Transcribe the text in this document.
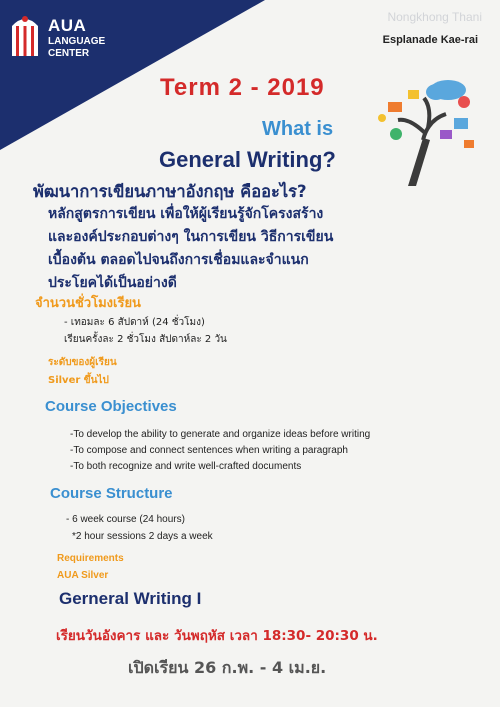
AUA
LANGUAGE
CENTER
Nongkhong Thani
Esplanade Kae-rai
Term 2 - 2019
What is
General Writing?
พัฒนาการเขียนภาษาอังกฤษ คืออะไร?
หลักสูตรการเขียน เพื่อให้ผู้เรียนรู้จักโครงสร้าง
และองค์ประกอบต่างๆ ในการเขียน วิธีการเขียน
เบื้องต้น ตลอดไปจนถึงการเชื่อมและจำแนก
ประโยคได้เป็นอย่างดี
จำนวนชั่วโมงเรียน
- เทอมละ 6 สัปดาห์ (24 ชั่วโมง)
เรียนครั้งละ 2 ชั่วโมง สัปดาห์ละ 2 วัน
ระดับของผู้เรียน
Silver ขึ้นไป
Course Objectives
-To develop the ability to generate and organize ideas before writing
-To compose and connect sentences when writing a paragraph
-To both recognize and write well-crafted documents
Course Structure
- 6 week course (24 hours)
*2 hour sessions 2 days a week
Requirements
AUA Silver
Gerneral Writing I
เรียนวันอังคาร และ วันพฤหัส เวลา 18:30- 20:30 น.
เปิดเรียน 26 ก.พ. - 4 เม.ย.
